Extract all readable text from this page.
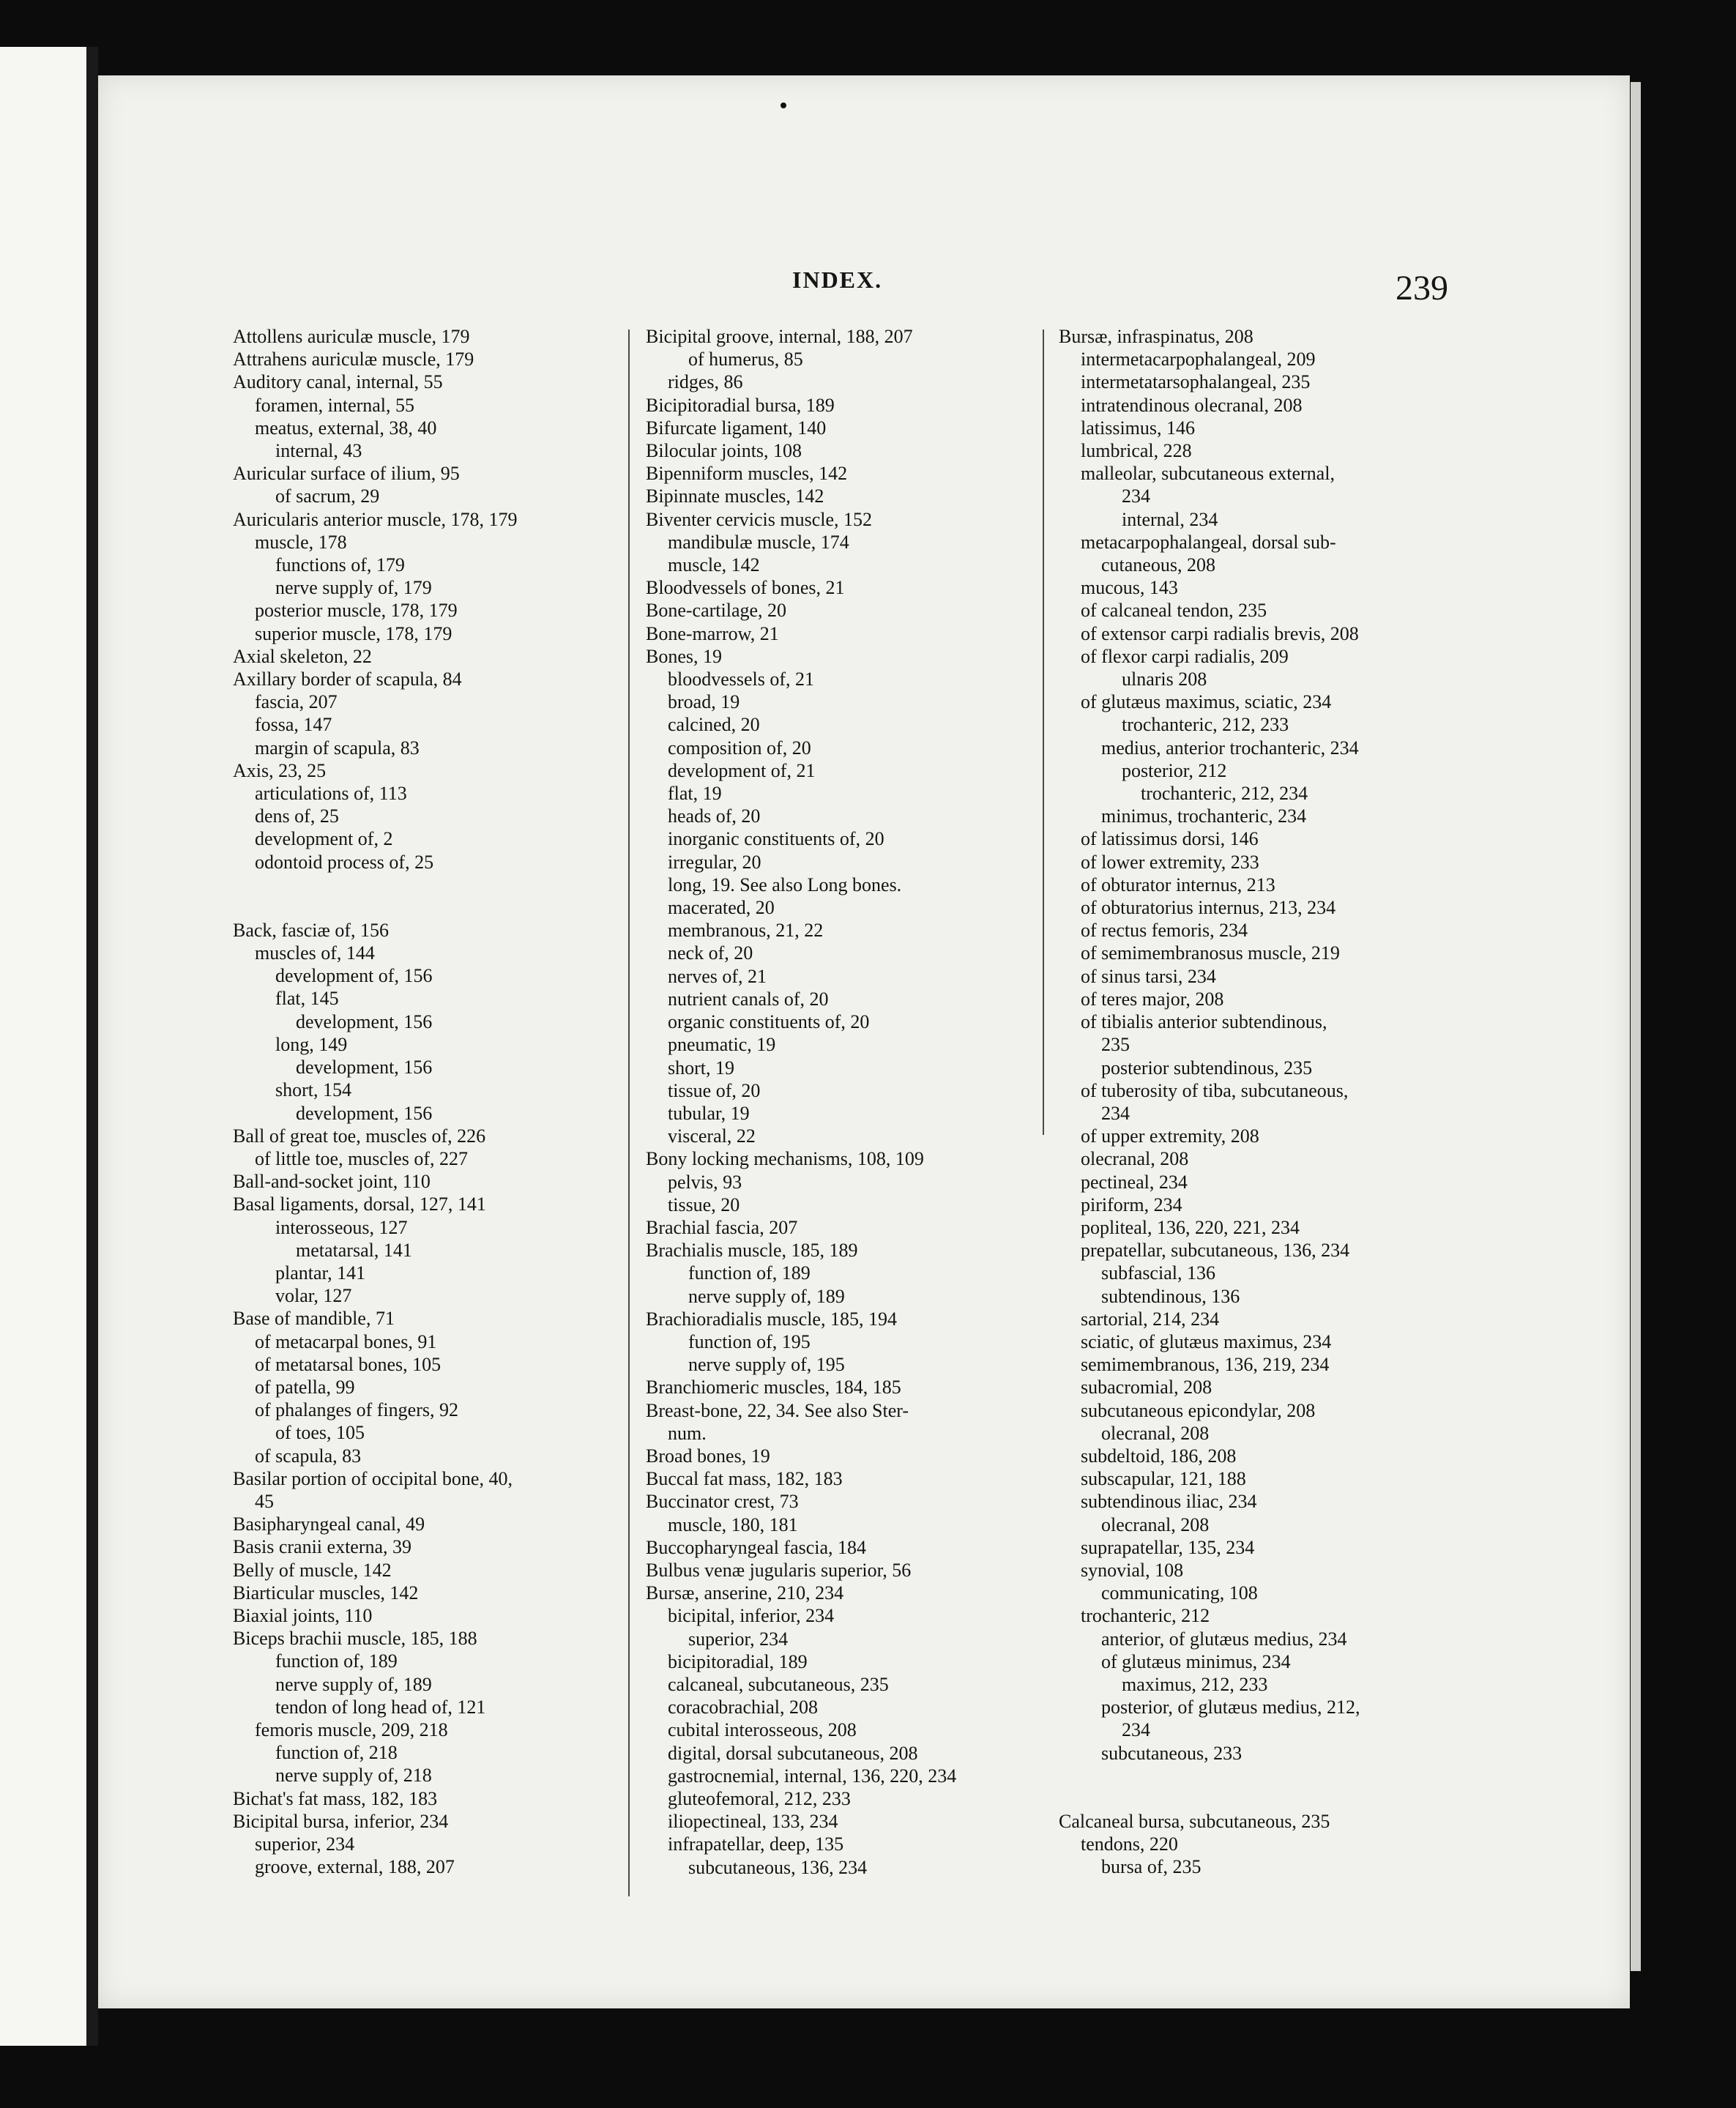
INDEX.	239
Attollens auriculæ muscle, 179
Attrahens auriculæ muscle, 179
Auditory canal, internal, 55
foramen, internal, 55
meatus, external, 38, 40
internal, 43
Auricular surface of ilium, 95
of sacrum, 29
Auricularis anterior muscle, 178, 179
muscle, 178
functions of, 179
nerve supply of, 179
posterior muscle, 178, 179
superior muscle, 178, 179
Axial skeleton, 22
Axillary border of scapula, 84
fascia, 207
fossa, 147
margin of scapula, 83
Axis, 23, 25
articulations of, 113
dens of, 25
development of, 2
odontoid process of, 25
Back, fasciæ of, 156
muscles of, 144
development of, 156
flat, 145
development, 156
long, 149
development, 156
short, 154
development, 156
Ball of great toe, muscles of, 226
of little toe, muscles of, 227
Ball-and-socket joint, 110
Basal ligaments, dorsal, 127, 141
interosseous, 127
metatarsal, 141
plantar, 141
volar, 127
Base of mandible, 71
of metacarpal bones, 91
of metatarsal bones, 105
of patella, 99
of phalanges of fingers, 92
of toes, 105
of scapula, 83
Basilar portion of occipital bone, 40,
45
Basipharyngeal canal, 49
Basis cranii externa, 39
Belly of muscle, 142
Biarticular muscles, 142
Biaxial joints, 110
Biceps brachii muscle, 185, 188
function of, 189
nerve supply of, 189
tendon of long head of, 121
femoris muscle, 209, 218
function of, 218
nerve supply of, 218
Bichat's fat mass, 182, 183
Bicipital bursa, inferior, 234
superior, 234
groove, external, 188, 207
Bicipital groove, internal, 188, 207
of humerus, 85
ridges, 86
Bicipitoradial bursa, 189
Bifurcate ligament, 140
Bilocular joints, 108
Bipenniform muscles, 142
Bipinnate muscles, 142
Biventer cervicis muscle, 152
mandibulæ muscle, 174
muscle, 142
Bloodvessels of bones, 21
Bone-cartilage, 20
Bone-marrow, 21
Bones, 19
bloodvessels of, 21
broad, 19
calcined, 20
composition of, 20
development of, 21
flat, 19
heads of, 20
inorganic constituents of, 20
irregular, 20
long, 19. See also Long bones.
macerated, 20
membranous, 21, 22
neck of, 20
nerves of, 21
nutrient canals of, 20
organic constituents of, 20
pneumatic, 19
short, 19
tissue of, 20
tubular, 19
visceral, 22
Bony locking mechanisms, 108, 109
pelvis, 93
tissue, 20
Brachial fascia, 207
Brachialis muscle, 185, 189
function of, 189
nerve supply of, 189
Brachioradialis muscle, 185, 194
function of, 195
nerve supply of, 195
Branchiomeric muscles, 184, 185
Breast-bone, 22, 34. See also Ster-
num.
Broad bones, 19
Buccal fat mass, 182, 183
Buccinator crest, 73
muscle, 180, 181
Buccopharyngeal fascia, 184
Bulbus venæ jugularis superior, 56
Bursæ, anserine, 210, 234
bicipital, inferior, 234
superior, 234
bicipitoradial, 189
calcaneal, subcutaneous, 235
coracobrachial, 208
cubital interosseous, 208
digital, dorsal subcutaneous, 208
gastrocnemial, internal, 136, 220, 234
gluteofemoral, 212, 233
iliopectineal, 133, 234
infrapatellar, deep, 135
subcutaneous, 136, 234
Bursæ, infraspinatus, 208
intermetacarpophalangeal, 209
intermetatarsophalangeal, 235
intratendinous olecranal, 208
latissimus, 146
lumbrical, 228
malleolar, subcutaneous external,
234
internal, 234
metacarpophalangeal, dorsal sub-
cutaneous, 208
mucous, 143
of calcaneal tendon, 235
of extensor carpi radialis brevis, 208
of flexor carpi radialis, 209
ulnaris 208
of glutæus maximus, sciatic, 234
trochanteric, 212, 233
medius, anterior trochanteric, 234
posterior, 212
trochanteric, 212, 234
minimus, trochanteric, 234
of latissimus dorsi, 146
of lower extremity, 233
of obturator internus, 213
of obturatorius internus, 213, 234
of rectus femoris, 234
of semimembranosus muscle, 219
of sinus tarsi, 234
of teres major, 208
of tibialis anterior subtendinous,
235
posterior subtendinous, 235
of tuberosity of tiba, subcutaneous,
234
of upper extremity, 208
olecranal, 208
pectineal, 234
piriform, 234
popliteal, 136, 220, 221, 234
prepatellar, subcutaneous, 136, 234
subfascial, 136
subtendinous, 136
sartorial, 214, 234
sciatic, of glutæus maximus, 234
semimembranous, 136, 219, 234
subacromial, 208
subcutaneous epicondylar, 208
olecranal, 208
subdeltoid, 186, 208
subscapular, 121, 188
subtendinous iliac, 234
olecranal, 208
suprapatellar, 135, 234
synovial, 108
communicating, 108
trochanteric, 212
anterior, of glutæus medius, 234
of glutæus minimus, 234
maximus, 212, 233
posterior, of glutæus medius, 212,
234
subcutaneous, 233
Calcaneal bursa, subcutaneous, 235
tendons, 220
bursa of, 235
